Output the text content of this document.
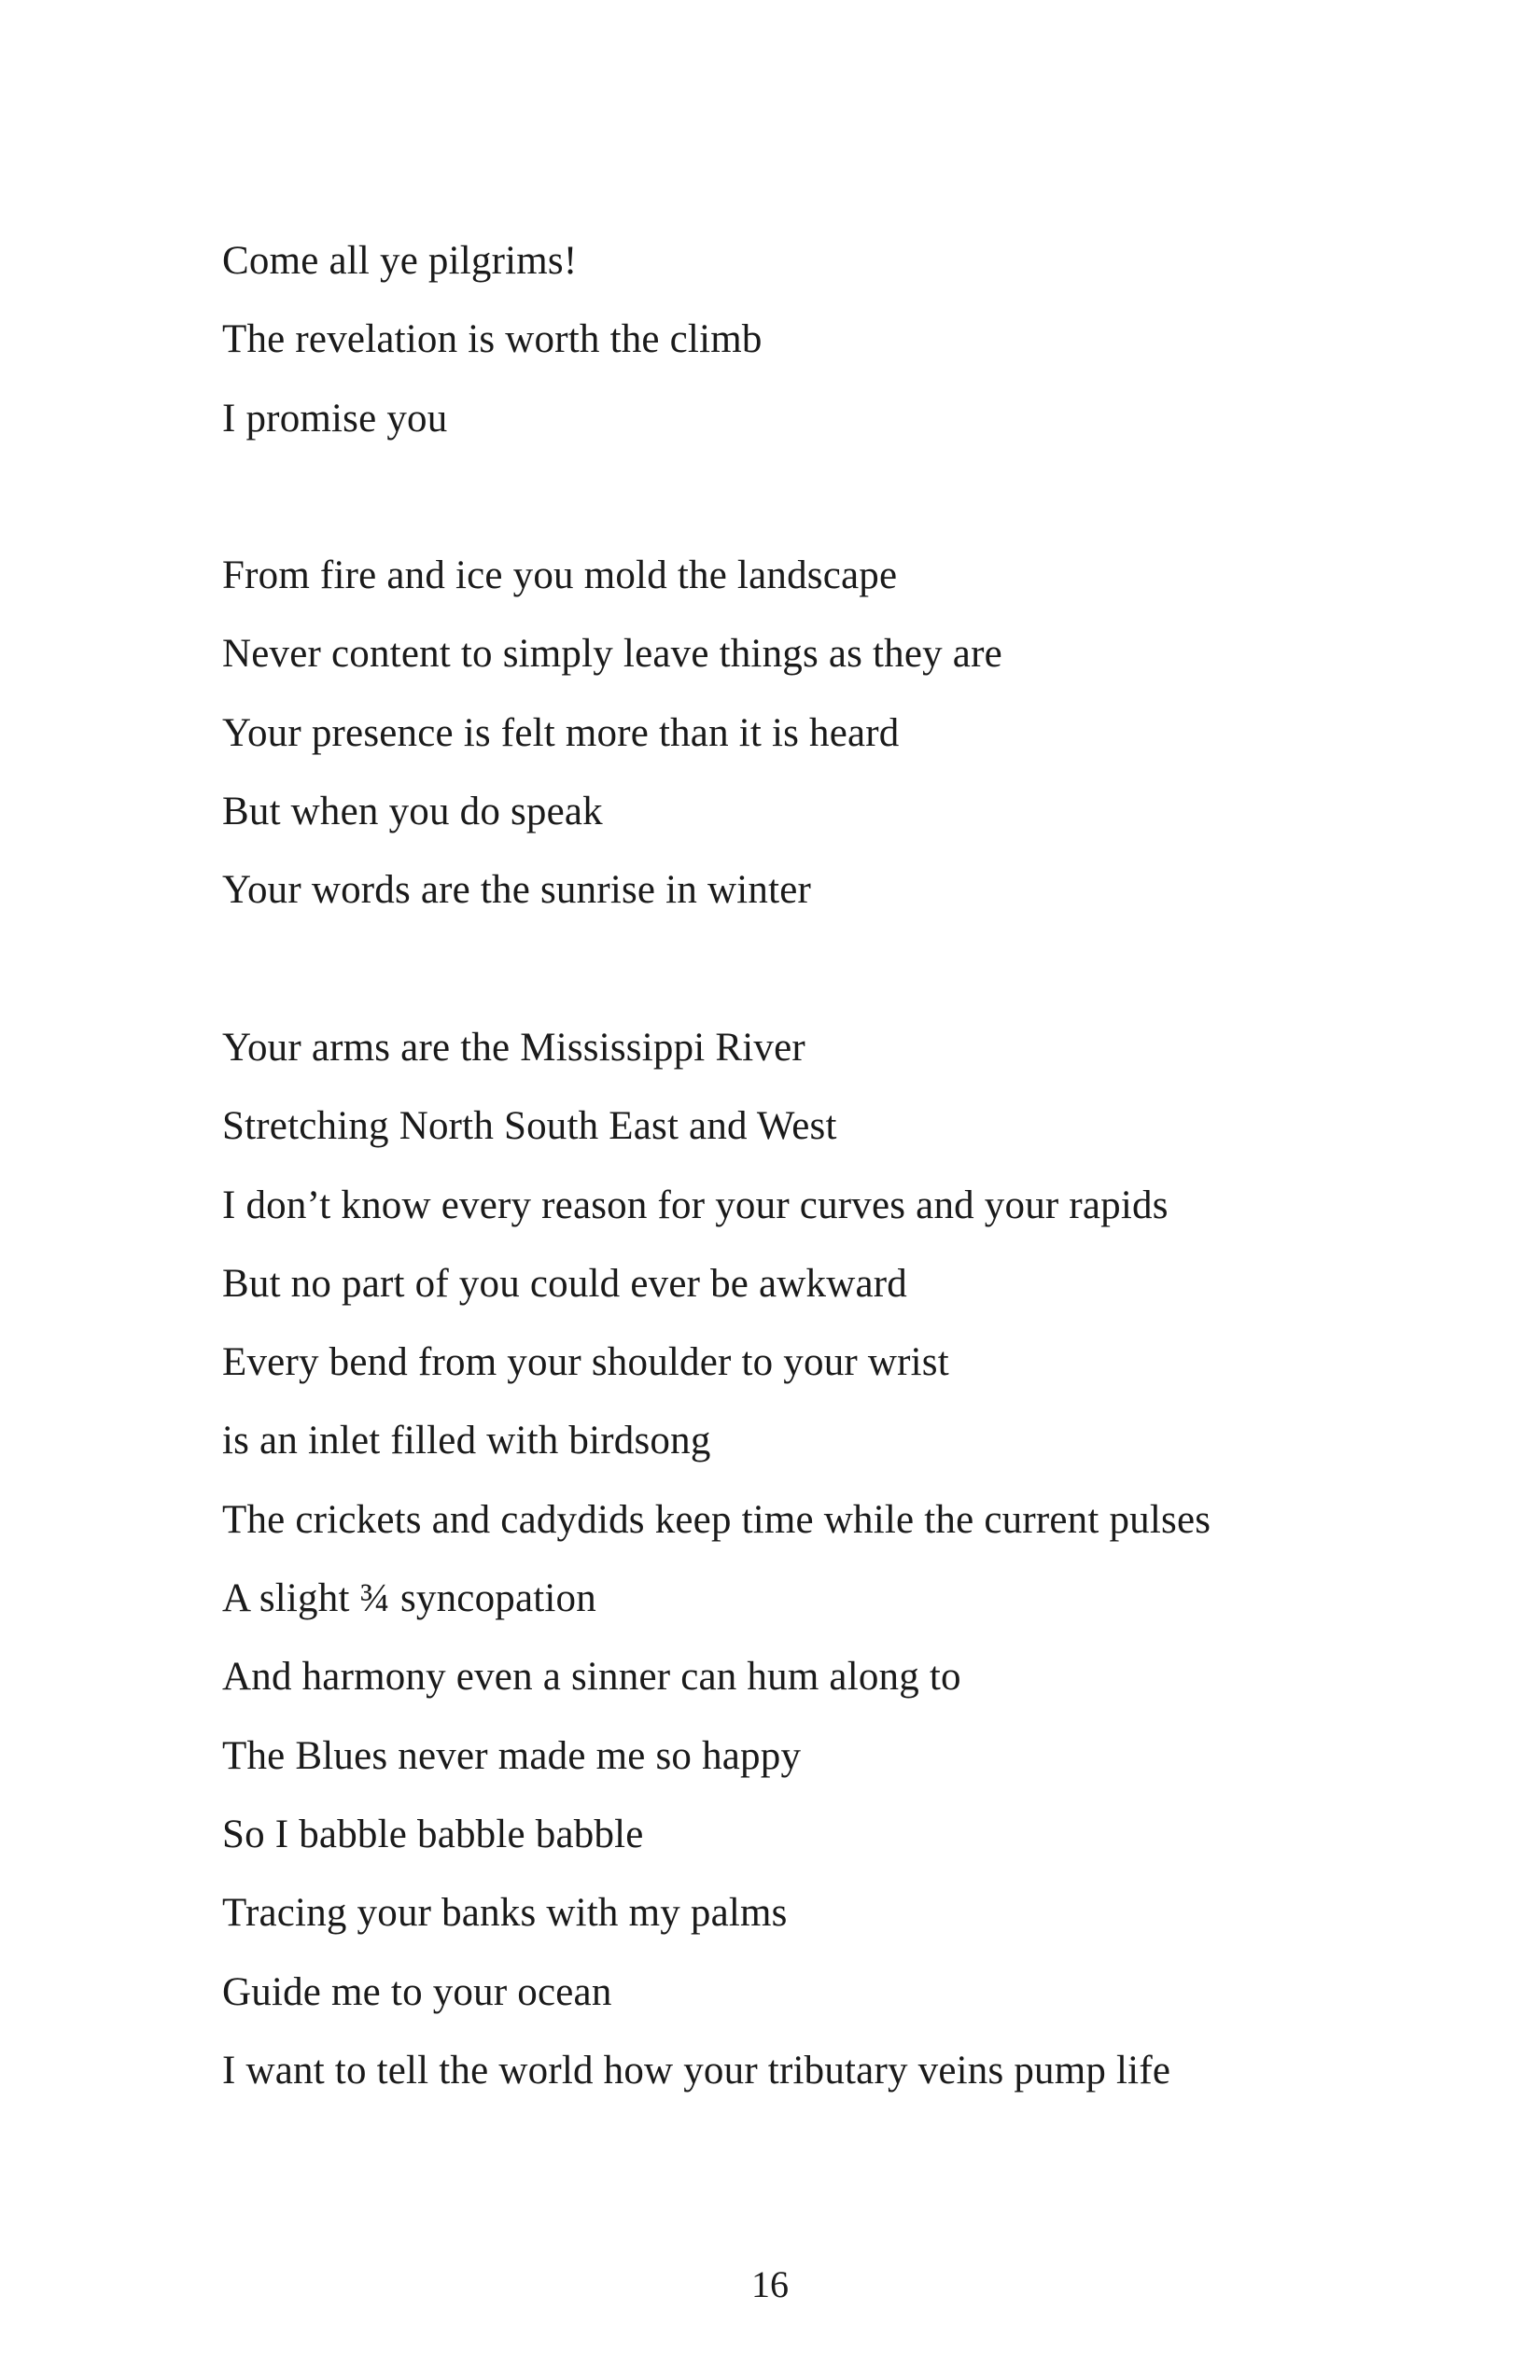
Come all ye pilgrims!
The revelation is worth the climb
I promise you
From fire and ice you mold the landscape
Never content to simply leave things as they are
Your presence is felt more than it is heard
But when you do speak
Your words are the sunrise in winter
Your arms are the Mississippi River
Stretching North South East and West
I don’t know every reason for your curves and your rapids
But no part of you could ever be awkward
Every bend from your shoulder to your wrist
is an inlet filled with birdsong
The crickets and cadydids keep time while the current pulses
A slight ¾ syncopation
And harmony even a sinner can hum along to
The Blues never made me so happy
So I babble babble babble
Tracing your banks with my palms
Guide me to your ocean
I want to tell the world how your tributary veins pump life
16
